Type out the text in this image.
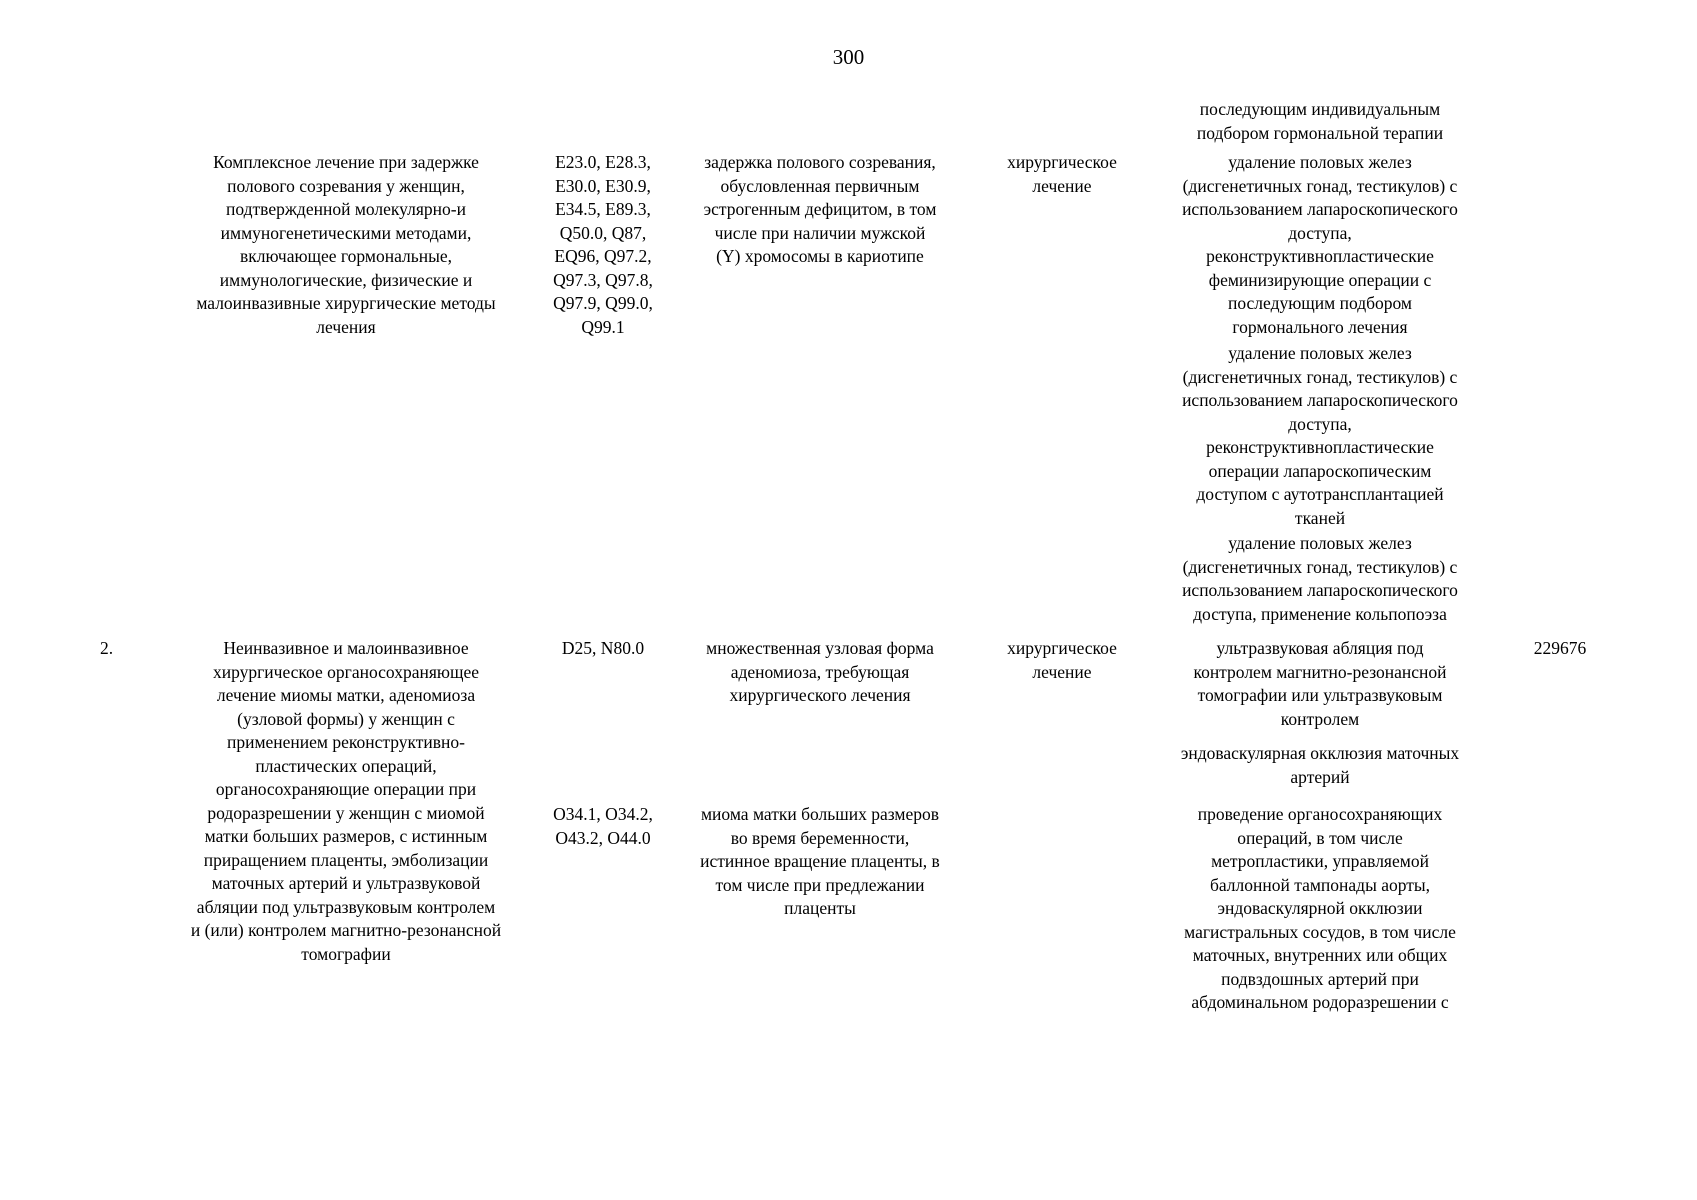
300
последующим индивидуальным
подбором гормональной терапии
Комплексное лечение при задержке
полового созревания у женщин,
подтвержденной молекулярно-и
иммуногенетическими методами,
включающее гормональные,
иммунологические, физические и
малоинвазивные хирургические методы
лечения
E23.0, E28.3,
E30.0, E30.9,
E34.5, E89.3,
Q50.0, Q87,
EQ96, Q97.2,
Q97.3, Q97.8,
Q97.9, Q99.0,
Q99.1
задержка полового созревания,
обусловленная первичным
эстрогенным дефицитом, в том
числе при наличии мужской
(Y) хромосомы в кариотипе
хирургическое
лечение
удаление половых желез
(дисгенетичных гонад, тестикулов) с
использованием лапароскопического
доступа,
реконструктивнопластические
феминизирующие операции с
последующим подбором
гормонального лечения
удаление половых желез
(дисгенетичных гонад, тестикулов) с
использованием лапароскопического
доступа,
реконструктивнопластические
операции лапароскопическим
доступом с аутотрансплантацией
тканей
удаление половых желез
(дисгенетичных гонад, тестикулов) с
использованием лапароскопического
доступа, применение кольпопоэза
2.	Неинвазивное и малоинвазивное
хирургическое органосохраняющее
лечение миомы матки, аденомиоза
(узловой формы) у женщин с
применением реконструктивно-
пластических операций,
органосохраняющие операции при
родоразрешении у женщин с миомой
матки больших размеров, с истинным
приращением плаценты, эмболизации
маточных артерий и ультразвуковой
абляции под ультразвуковым контролем
и (или) контролем магнитно-резонансной
томографии
D25, N80.0	множественная узловая форма
аденомиоза, требующая
хирургического лечения
хирургическое
лечение
ультразвуковая абляция под
контролем магнитно-резонансной
томографии или ультразвуковым
контролем
229676
эндоваскулярная окклюзия маточных
артерий
O34.1, O34.2,
O43.2, O44.0
миома матки больших размеров
во время беременности,
истинное вращение плаценты, в
том числе при предлежании
плаценты
проведение органосохраняющих
операций, в том числе
метропластики, управляемой
баллонной тампонады аорты,
эндоваскулярной окклюзии
магистральных сосудов, в том числе
маточных, внутренних или общих
подвздошных артерий при
абдоминальном родоразрешении с
